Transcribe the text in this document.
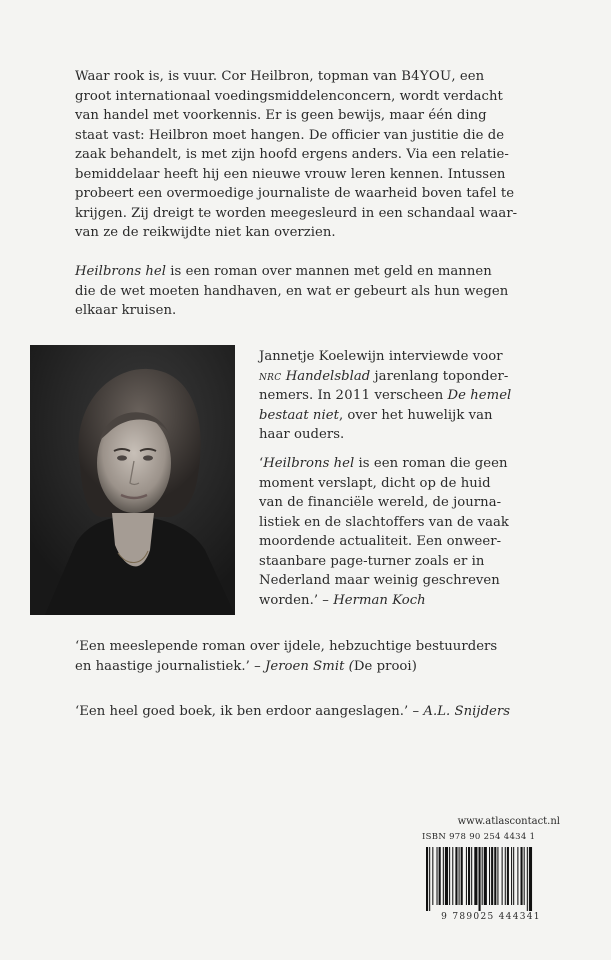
Waar rook is, is vuur. Cor Heilbron, topman van B4YOU, een
groot internationaal voedingsmiddelenconcern, wordt verdacht
van handel met voorkennis. Er is geen bewijs, maar één ding
staat vast: Heilbron moet hangen. De officier van justitie die de
zaak behandelt, is met zijn hoofd ergens anders. Via een relatie-
bemiddelaar heeft hij een nieuwe vrouw leren kennen. Intussen
probeert een overmoedige journaliste de waarheid boven tafel te
krijgen. Zij dreigt te worden meegesleurd in een schandaal waar-
van ze de reikwijdte niet kan overzien.

Heilbrons hel is een roman over mannen met geld en mannen
die de wet moeten handhaven, en wat er gebeurt als hun wegen
elkaar kruisen.

Jannetje Koelewijn interviewde voor
nrc Handelsblad jarenlang toponder-
nemers. In 2011 verscheen De hemel
bestaat niet, over het huwelijk van
haar ouders.

‘Heilbrons hel is een roman die geen
moment verslapt, dicht op de huid
van de financiële wereld, de journa-
listiek en de slachtoffers van de vaak
moordende actualiteit. Een onweer-
staanbare page-turner zoals er in
Nederland maar weinig geschreven
worden.’ – Herman Koch

‘Een meeslepende roman over ijdele, hebzuchtige bestuurders
en haastige journalistiek.’ – Jeroen Smit (De prooi)

‘Een heel goed boek, ik ben erdoor aangeslagen.’ – A.L. Snijders

www.atlascontact.nl
ISBN 978 90 254 4434 1
9 789025 444341
